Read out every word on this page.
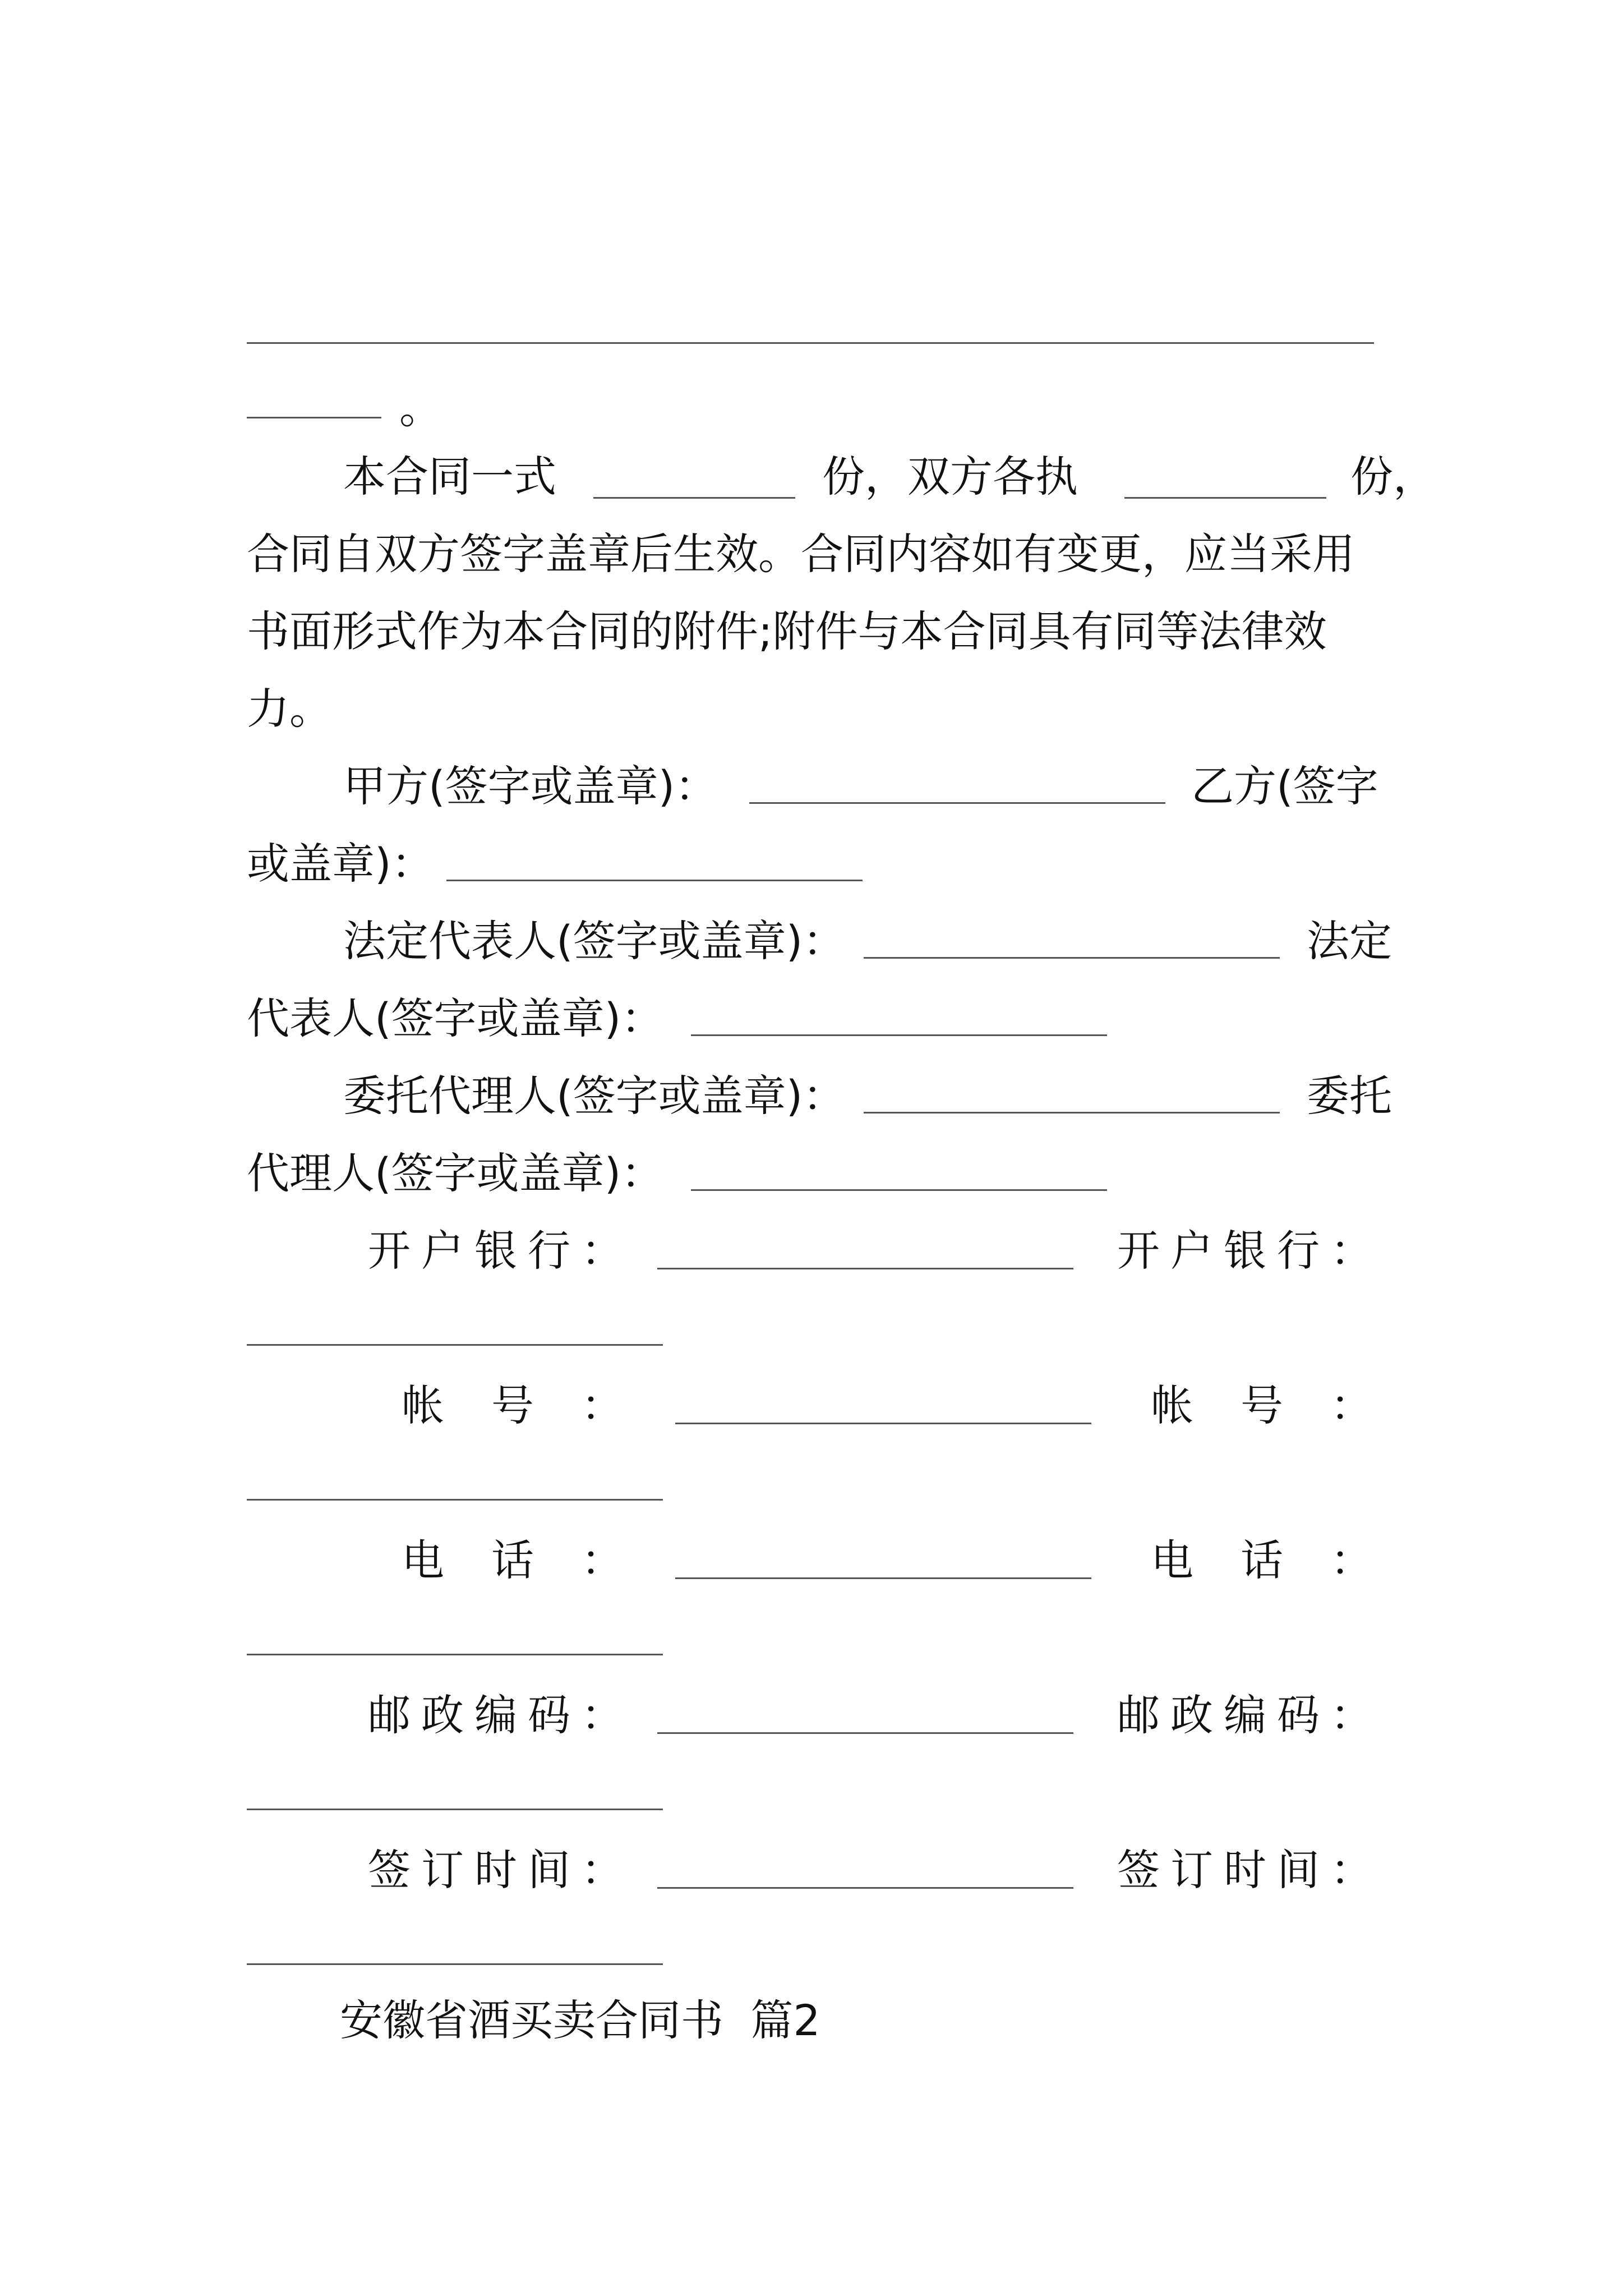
。
本合同一式	份，双方各执	份，
合同自双方签字盖章后生效。合同内容如有变更，应当采用
书面形式作为本合同的附件;附件与本合同具有同等法律效
力。
甲方(签字或盖章)：	乙方(签字
或盖章)：
法定代表人(签字或盖章)：	法定
代表人(签字或盖章)：
委托代理人(签字或盖章)：	委托
代理人(签字或盖章)：
开 户 银 行 ：	开 户 银 行 ：
帐 号 ：	帐 号 ：
电 话 ：	电 话 ：
邮 政 编 码 ：	邮 政 编 码 ：
签 订 时 间 ：	签 订 时 间 ：
安徽省酒买卖合同书  篇2
